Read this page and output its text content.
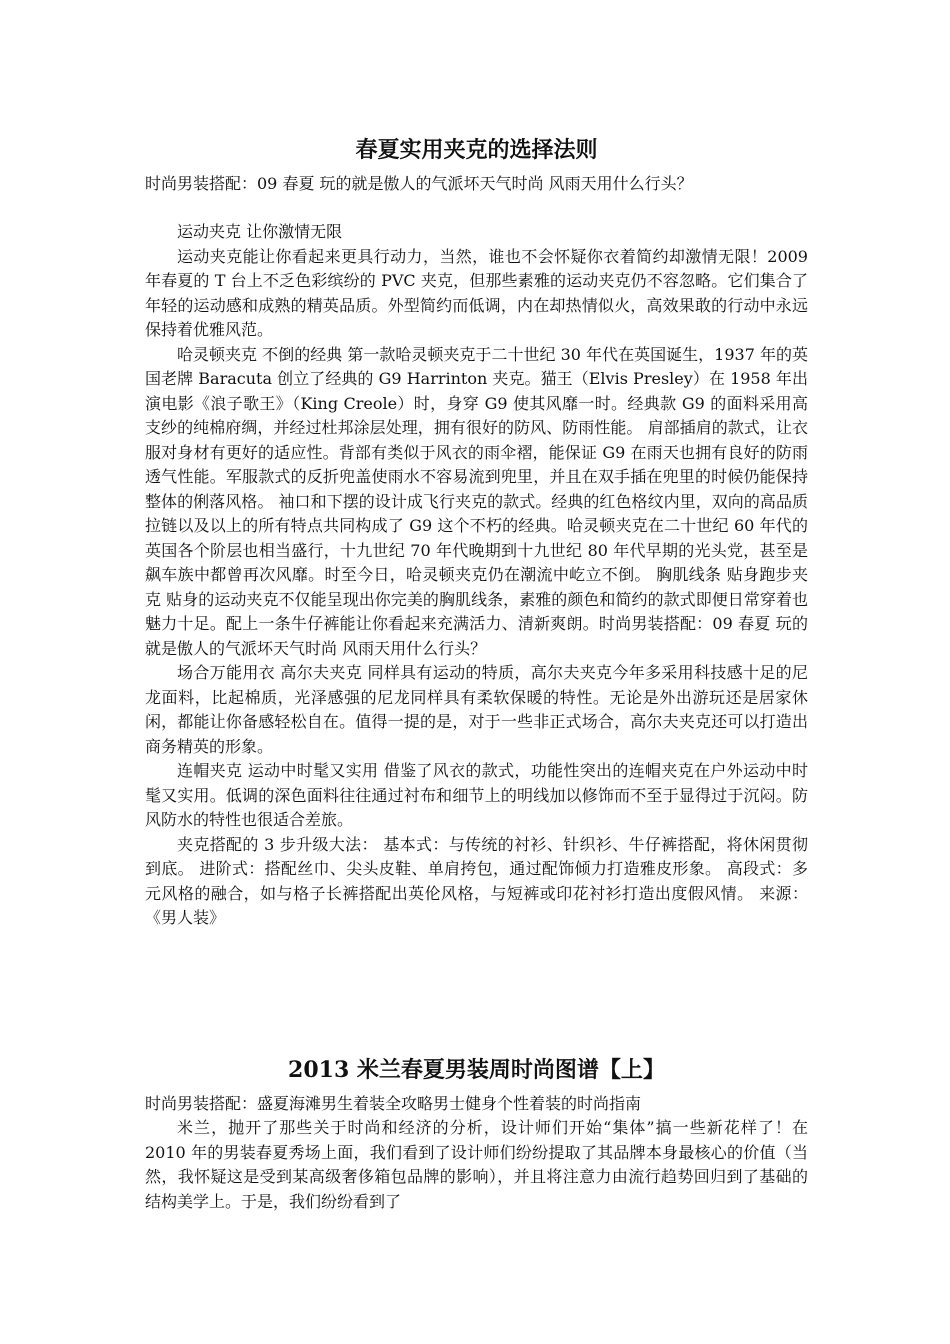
春夏实用夹克的选择法则
时尚男装搭配：09 春夏 玩的就是傲人的气派坏天气时尚 风雨天用什么行头？

运动夹克 让你激情无限

运动夹克能让你看起来更具行动力，当然，谁也不会怀疑你衣着简约却激情无限！2009 年春夏的 T 台上不乏色彩缤纷的 PVC 夹克，但那些素雅的运动夹克仍不容忽略。它们集合了年轻的运动感和成熟的精英品质。外型简约而低调，内在却热情似火，高效果敢的行动中永远保持着优雅风范。

哈灵顿夹克 不倒的经典 第一款哈灵顿夹克于二十世纪 30 年代在英国诞生，1937 年的英国老牌 Baracuta 创立了经典的 G9 Harrinton 夹克。猫王（Elvis Presley）在 1958 年出演电影《浪子歌王》（King Creole）时，身穿 G9 使其风靡一时。经典款 G9 的面料采用高支纱的纯棉府绸，并经过杜邦涂层处理，拥有很好的防风、防雨性能。 肩部插肩的款式，让衣服对身材有更好的适应性。背部有类似于风衣的雨伞褶，能保证 G9 在雨天也拥有良好的防雨透气性能。军服款式的反折兜盖使雨水不容易流到兜里，并且在双手插在兜里的时候仍能保持整体的俐落风格。 袖口和下摆的设计成飞行夹克的款式。经典的红色格纹内里，双向的高品质拉链以及以上的所有特点共同构成了 G9 这个不朽的经典。哈灵顿夹克在二十世纪 60 年代的英国各个阶层也相当盛行，十九世纪 70 年代晚期到十九世纪 80 年代早期的光头党，甚至是飙车族中都曾再次风靡。时至今日，哈灵顿夹克仍在潮流中屹立不倒。 胸肌线条 贴身跑步夹克 贴身的运动夹克不仅能呈现出你完美的胸肌线条，素雅的颜色和简约的款式即便日常穿着也魅力十足。配上一条牛仔裤能让你看起来充满活力、清新爽朗。时尚男装搭配：09 春夏 玩的就是傲人的气派坏天气时尚 风雨天用什么行头？

场合万能用衣 高尔夫夹克 同样具有运动的特质，高尔夫夹克今年多采用科技感十足的尼龙面料，比起棉质，光泽感强的尼龙同样具有柔软保暖的特性。无论是外出游玩还是居家休闲，都能让你备感轻松自在。值得一提的是，对于一些非正式场合，高尔夫夹克还可以打造出商务精英的形象。

连帽夹克 运动中时髦又实用 借鉴了风衣的款式，功能性突出的连帽夹克在户外运动中时髦又实用。低调的深色面料往往通过衬布和细节上的明线加以修饰而不至于显得过于沉闷。防风防水的特性也很适合差旅。

夹克搭配的 3 步升级大法： 基本式：与传统的衬衫、针织衫、牛仔裤搭配，将休闲贯彻到底。 进阶式：搭配丝巾、尖头皮鞋、单肩挎包，通过配饰倾力打造雅皮形象。 高段式：多元风格的融合，如与格子长裤搭配出英伦风格，与短裤或印花衬衫打造出度假风情。 来源：《男人装》

2013 米兰春夏男装周时尚图谱【上】
时尚男装搭配：盛夏海滩男生着装全攻略男士健身个性着装的时尚指南

米兰，抛开了那些关于时尚和经济的分析，设计师们开始“集体”搞一些新花样了！在 2010 年的男装春夏秀场上面，我们看到了设计师们纷纷提取了其品牌本身最核心的价值（当然，我怀疑这是受到某高级奢侈箱包品牌的影响），并且将注意力由流行趋势回归到了基础的结构美学上。于是，我们纷纷看到了
